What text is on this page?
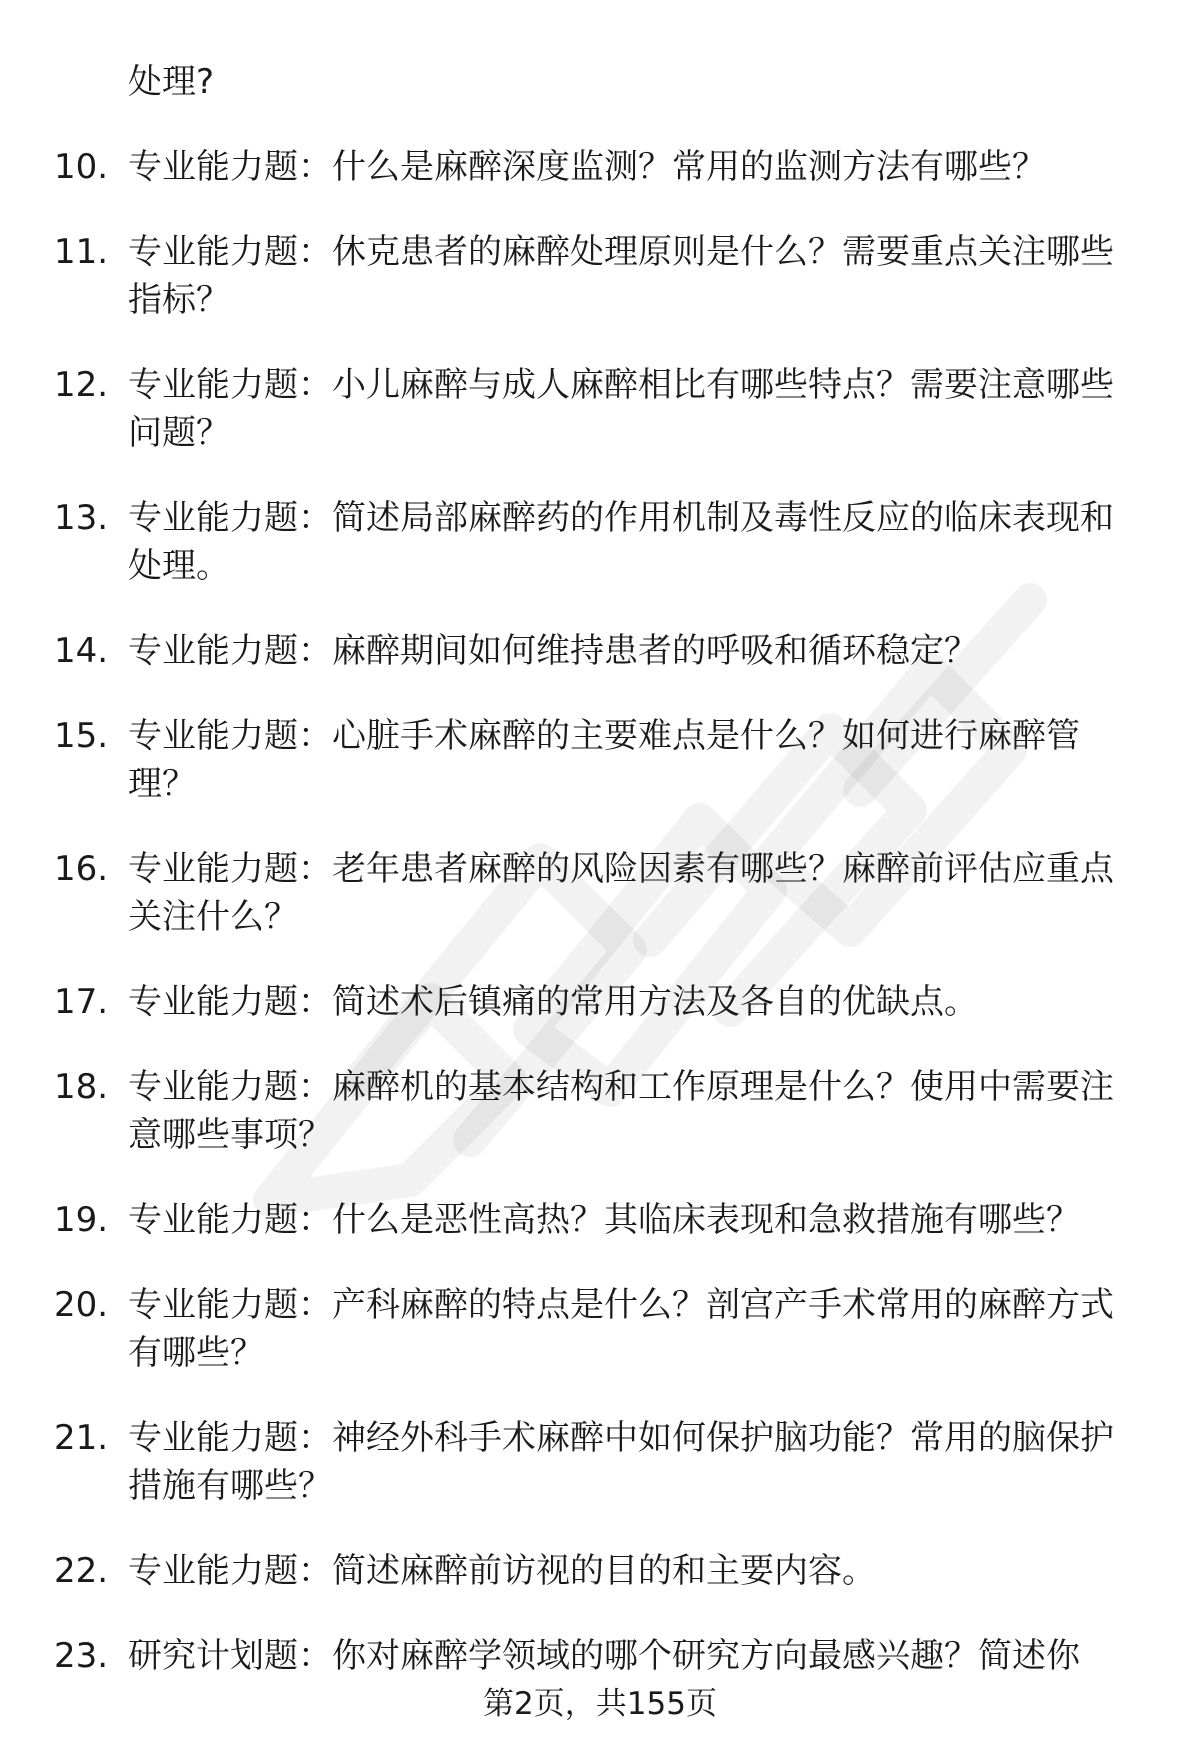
处理?
10. 专业能力题：什么是麻醉深度监测？常用的监测方法有哪些？
11. 专业能力题：休克患者的麻醉处理原则是什么？需要重点关注哪些指标？
12. 专业能力题：小儿麻醉与成人麻醉相比有哪些特点？需要注意哪些问题？
13. 专业能力题：简述局部麻醉药的作用机制及毒性反应的临床表现和处理。
14. 专业能力题：麻醉期间如何维持患者的呼吸和循环稳定？
15. 专业能力题：心脏手术麻醉的主要难点是什么？如何进行麻醉管理？
16. 专业能力题：老年患者麻醉的风险因素有哪些？麻醉前评估应重点关注什么？
17. 专业能力题：简述术后镇痛的常用方法及各自的优缺点。
18. 专业能力题：麻醉机的基本结构和工作原理是什么？使用中需要注意哪些事项？
19. 专业能力题：什么是恶性高热？其临床表现和急救措施有哪些？
20. 专业能力题：产科麻醉的特点是什么？剖宫产手术常用的麻醉方式有哪些？
21. 专业能力题：神经外科手术麻醉中如何保护脑功能？常用的脑保护措施有哪些？
22. 专业能力题：简述麻醉前访视的目的和主要内容。
23. 研究计划题：你对麻醉学领域的哪个研究方向最感兴趣？简述你
第2页，共155页
